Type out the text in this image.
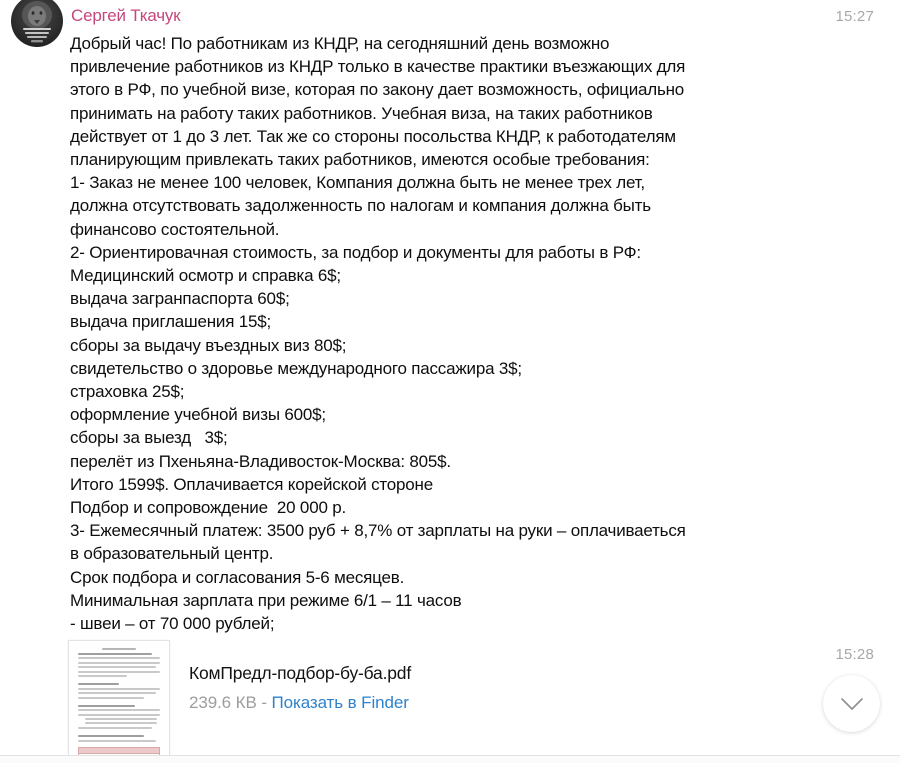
Сергей Ткачук	15:27
Добрый час! По работникам из КНДР, на сегодняшний день возможно
привлечение работников из КНДР только в качестве практики въезжающих для
этого в РФ, по учебной визе, которая по закону дает возможность, официально
принимать на работу таких работников. Учебная виза, на таких работников
действует от 1 до 3 лет. Так же со стороны посольства КНДР, к работодателям
планирующим привлекать таких работников, имеются особые требования:
1- Заказ не менее 100 человек, Компания должна быть не менее трех лет,
должна отсутствовать задолженность по налогам и компания должна быть
финансово состоятельной.
2- Ориентировачная стоимость, за подбор и документы для работы в РФ:
Медицинский осмотр и справка 6$;
выдача загранпаспорта 60$;
выдача приглашения 15$;
сборы за выдачу въездных виз 80$;
свидетельство о здоровье международного пассажира 3$;
страховка 25$;
оформление учебной визы 600$;
сборы за выезд   3$;
перелёт из Пхеньяна-Владивосток-Москва: 805$.
Итого 1599$. Оплачивается корейской стороне
Подбор и сопровождение  20 000 р.
3- Ежемесячный платеж: 3500 руб + 8,7% от зарплаты на руки – оплачиваеться
в образовательный центр.
Срок подбора и согласования 5-6 месяцев.
Минимальная зарплата при режиме 6/1 – 11 часов
- швеи – от 70 000 рублей;
КомПредл-подбор-бу-ба.pdf
239.6 КВ - Показать в Finder
15:28
